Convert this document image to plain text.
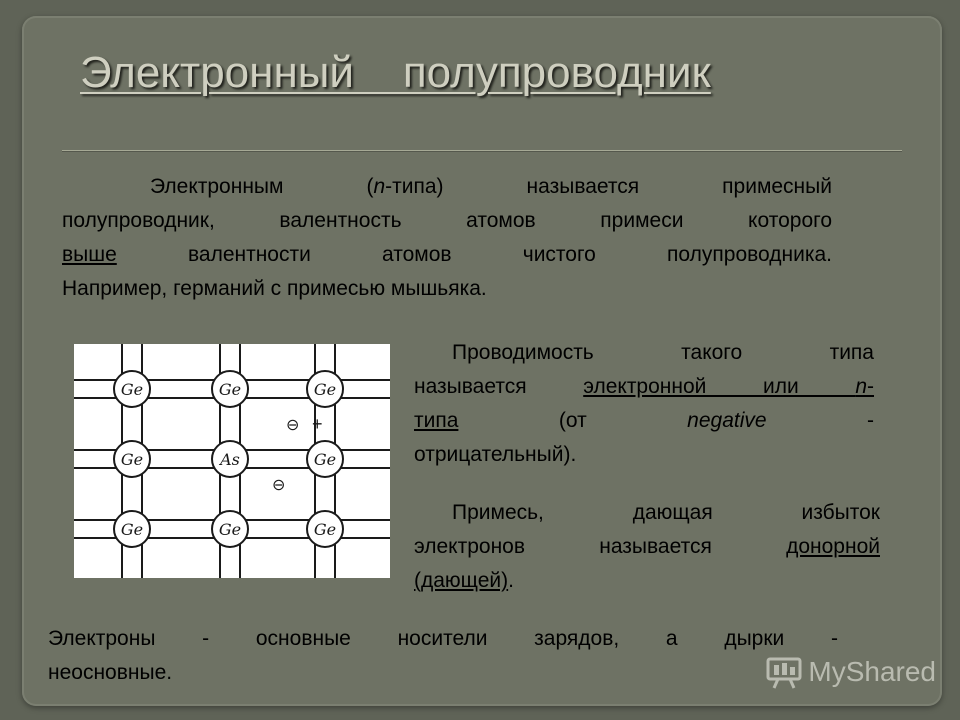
Электронный    полупроводник
Электронным (n-типа) называется примесный
полупроводник, валентность атомов примеси которого
выше валентности атомов чистого полупроводника.
Например, германий с примесью мышьяка.
Ge	Ge	Ge
Ge	As	Ge
Ge	Ge	Ge
⊖ +
⊖
Проводимость такого типа
называется электронной или n-
типа (от negative -
отрицательный).
Примесь, дающая избыток
электронов называется донорной
(дающей).
Электроны - основные носители зарядов, а дырки -
неосновные.	MyShared
